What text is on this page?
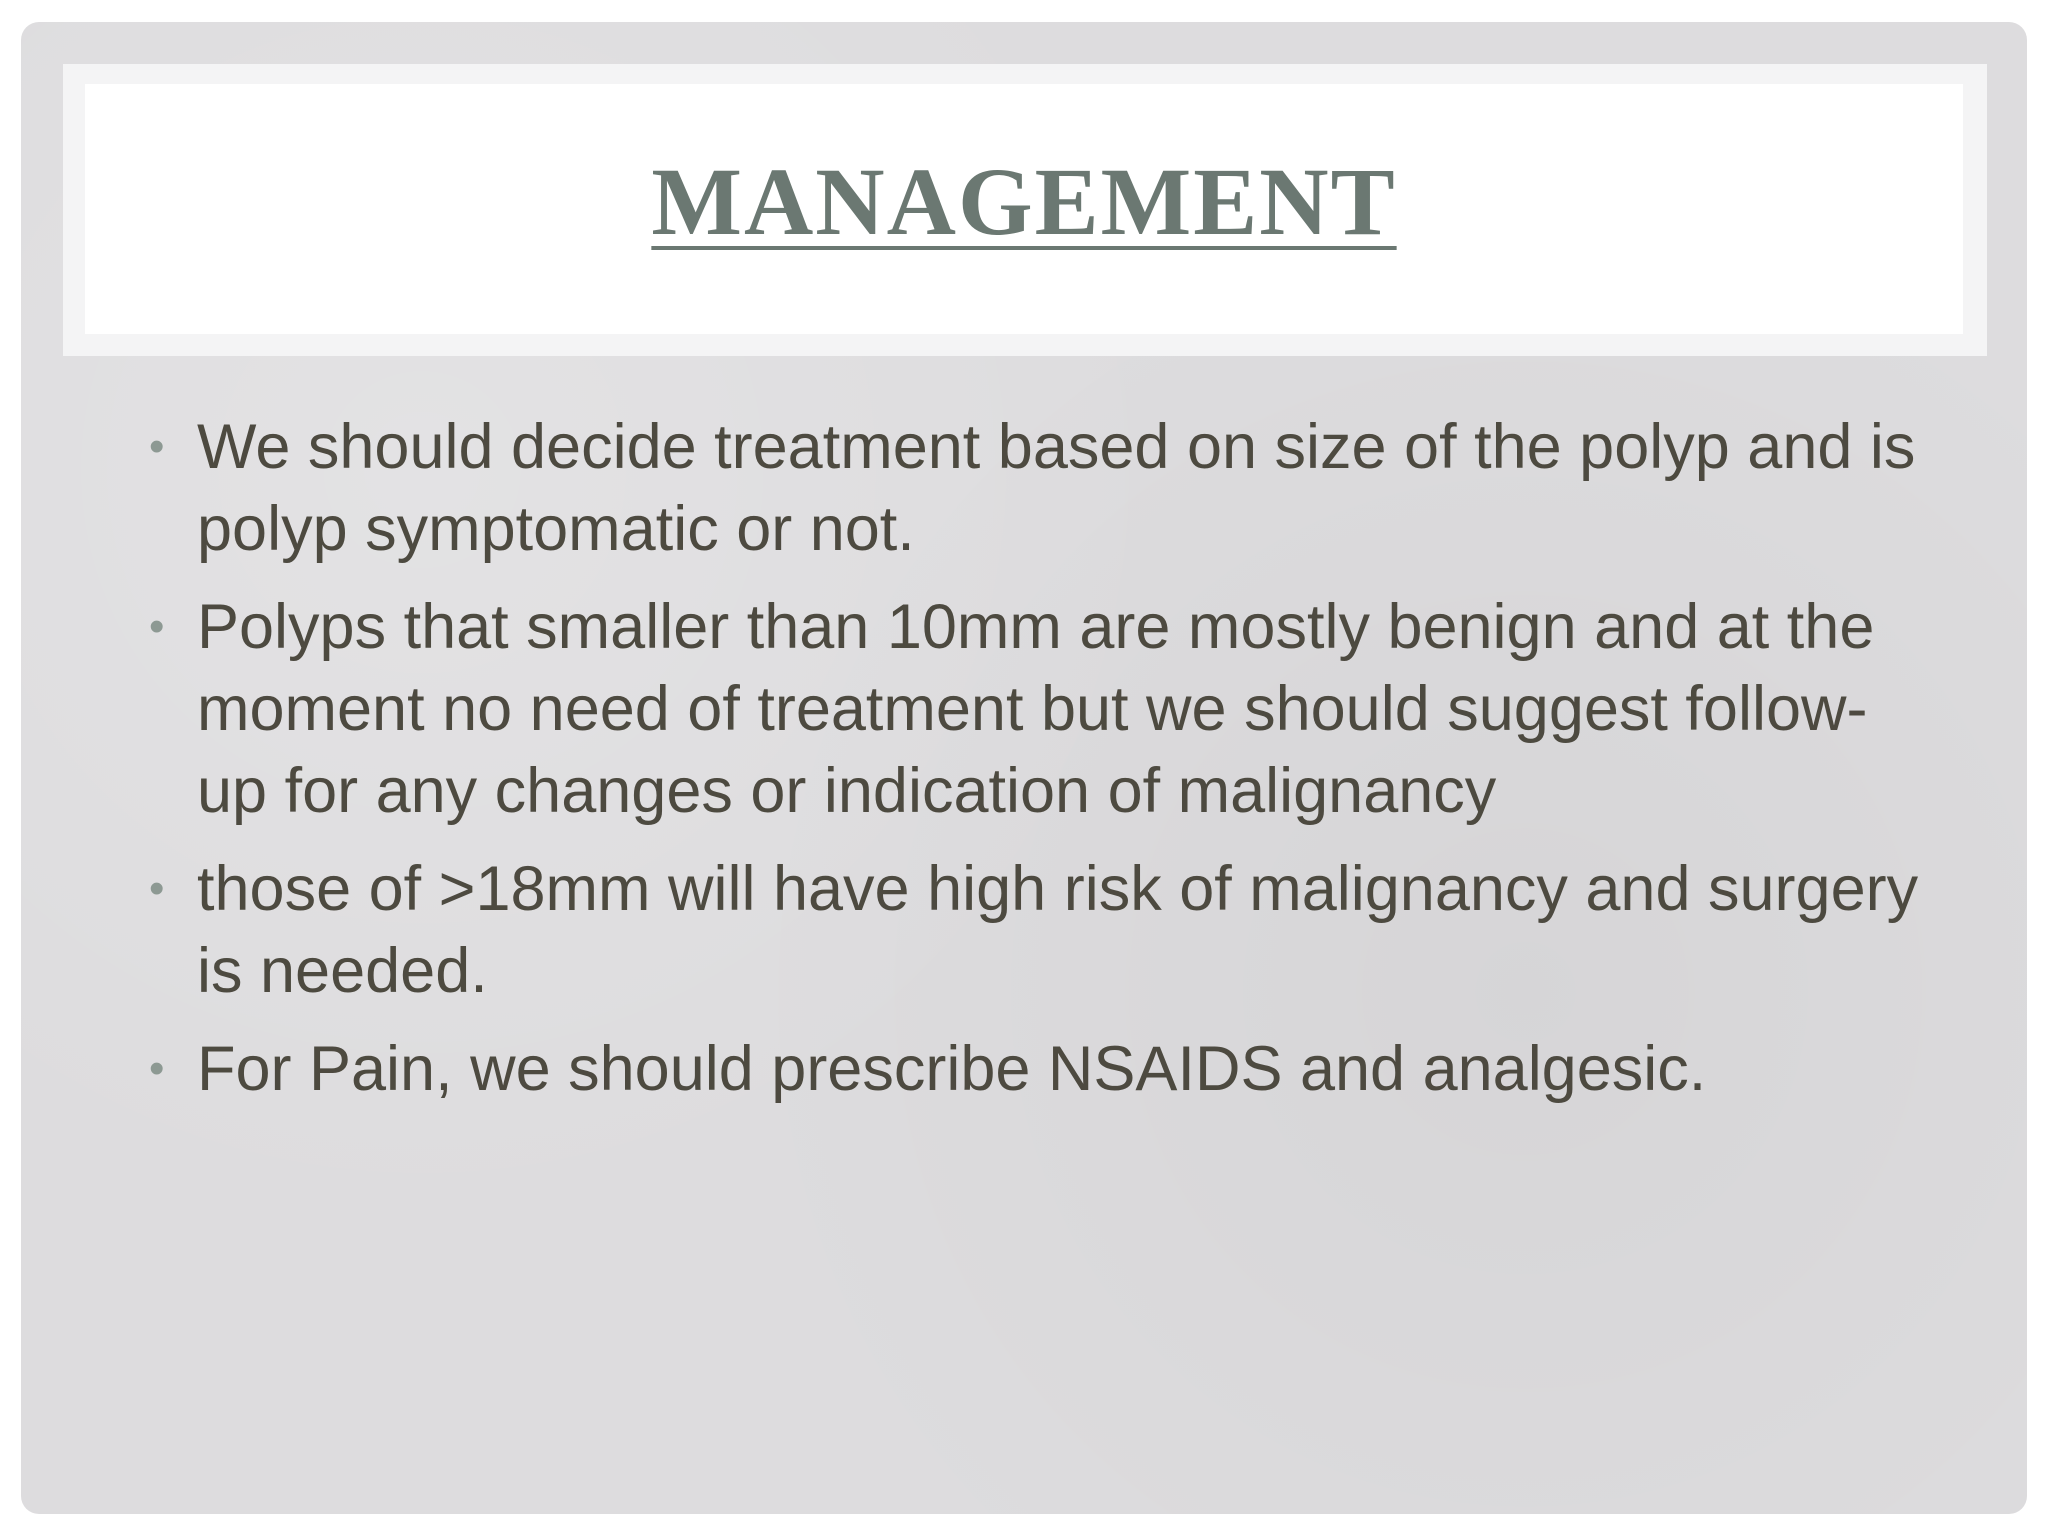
MANAGEMENT
• We should decide treatment based on size of the polyp and is polyp symptomatic or not.
• Polyps that smaller than 10mm are mostly benign and at the moment no need of treatment but we should suggest follow-up for any changes or indication of malignancy
• those of >18mm will have high risk of malignancy and surgery is needed.
• For Pain, we should prescribe NSAIDS and analgesic.
